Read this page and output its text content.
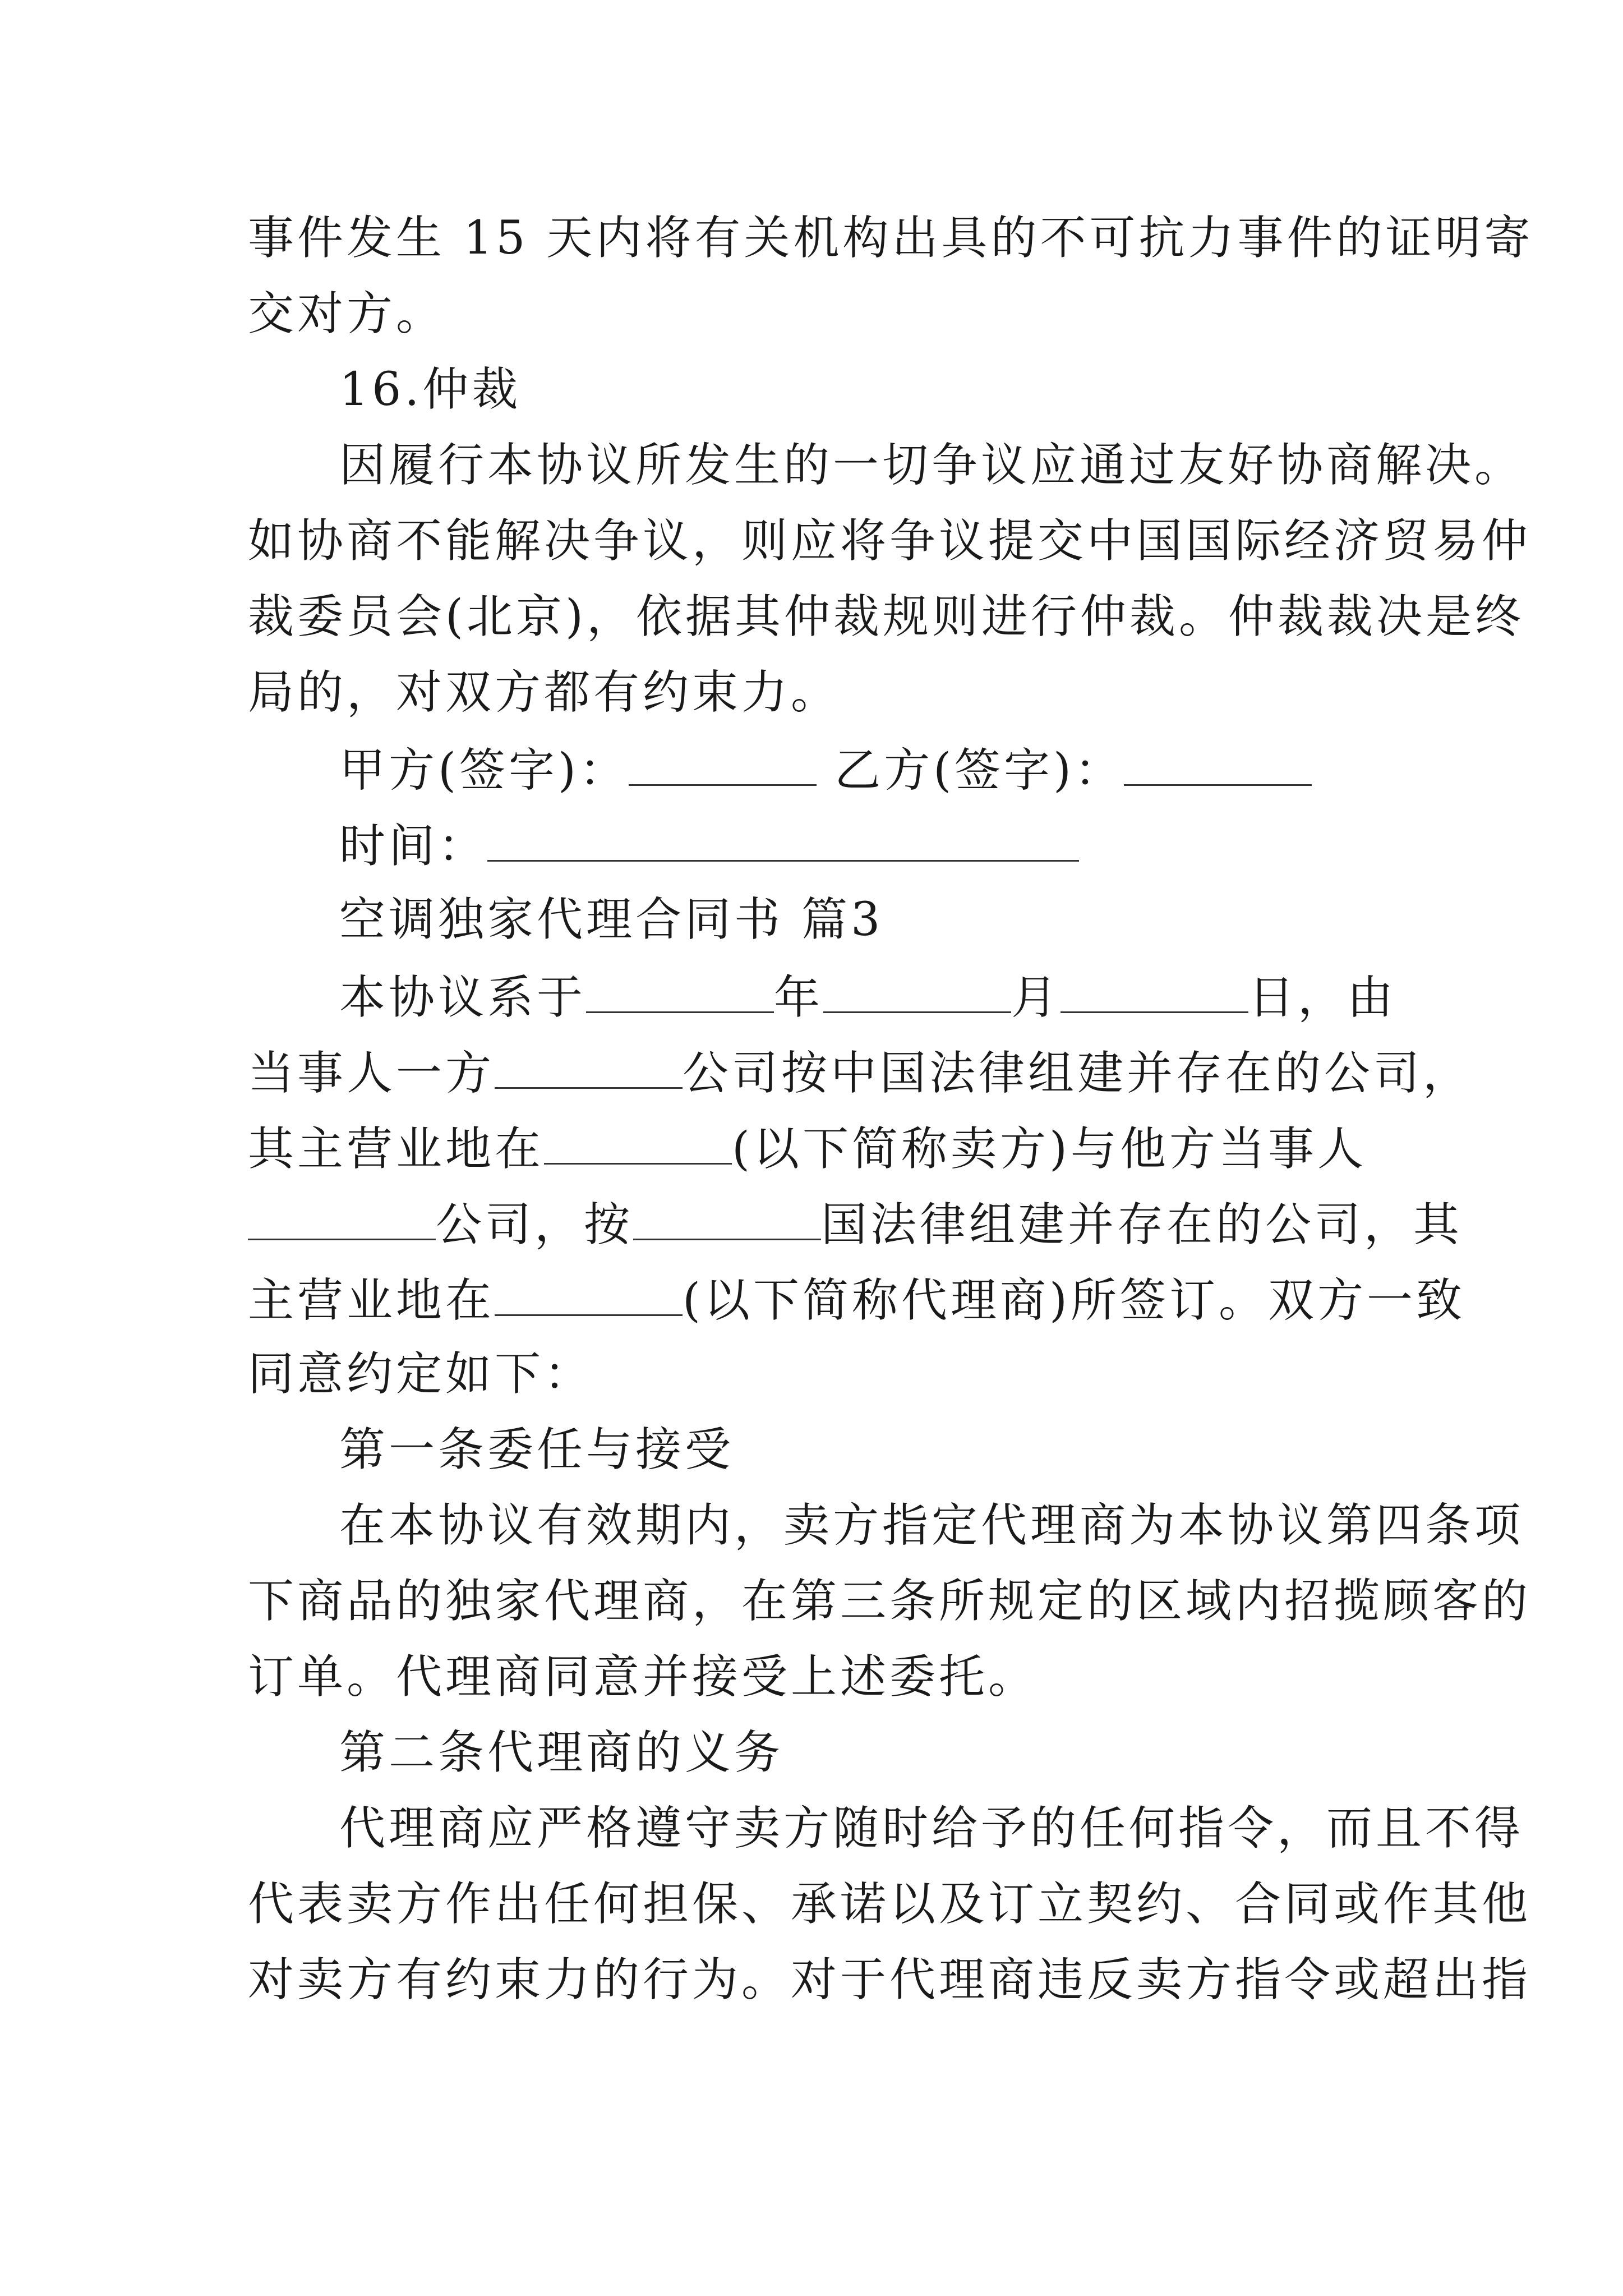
事件发生 15 天内将有关机构出具的不可抗力事件的证明寄
交对方。
16.仲裁
因履行本协议所发生的一切争议应通过友好协商解决。
如协商不能解决争议，则应将争议提交中国国际经济贸易仲
裁委员会(北京)，依据其仲裁规则进行仲裁。仲裁裁决是终
局的，对双方都有约束力。
甲方(签字)：	乙方(签字)：
时间：
空调独家代理合同书 篇3
本协议系于	年	月	日，由
当事人一方	公司按中国法律组建并存在的公司，
其主营业地在	(以下简称卖方)与他方当事人
公司，按	国法律组建并存在的公司，其
主营业地在	(以下简称代理商)所签订。双方一致
同意约定如下：
第一条委任与接受
在本协议有效期内，卖方指定代理商为本协议第四条项
下商品的独家代理商，在第三条所规定的区域内招揽顾客的
订单。代理商同意并接受上述委托。
第二条代理商的义务
代理商应严格遵守卖方随时给予的任何指令，而且不得
代表卖方作出任何担保、承诺以及订立契约、合同或作其他
对卖方有约束力的行为。对于代理商违反卖方指令或超出指
